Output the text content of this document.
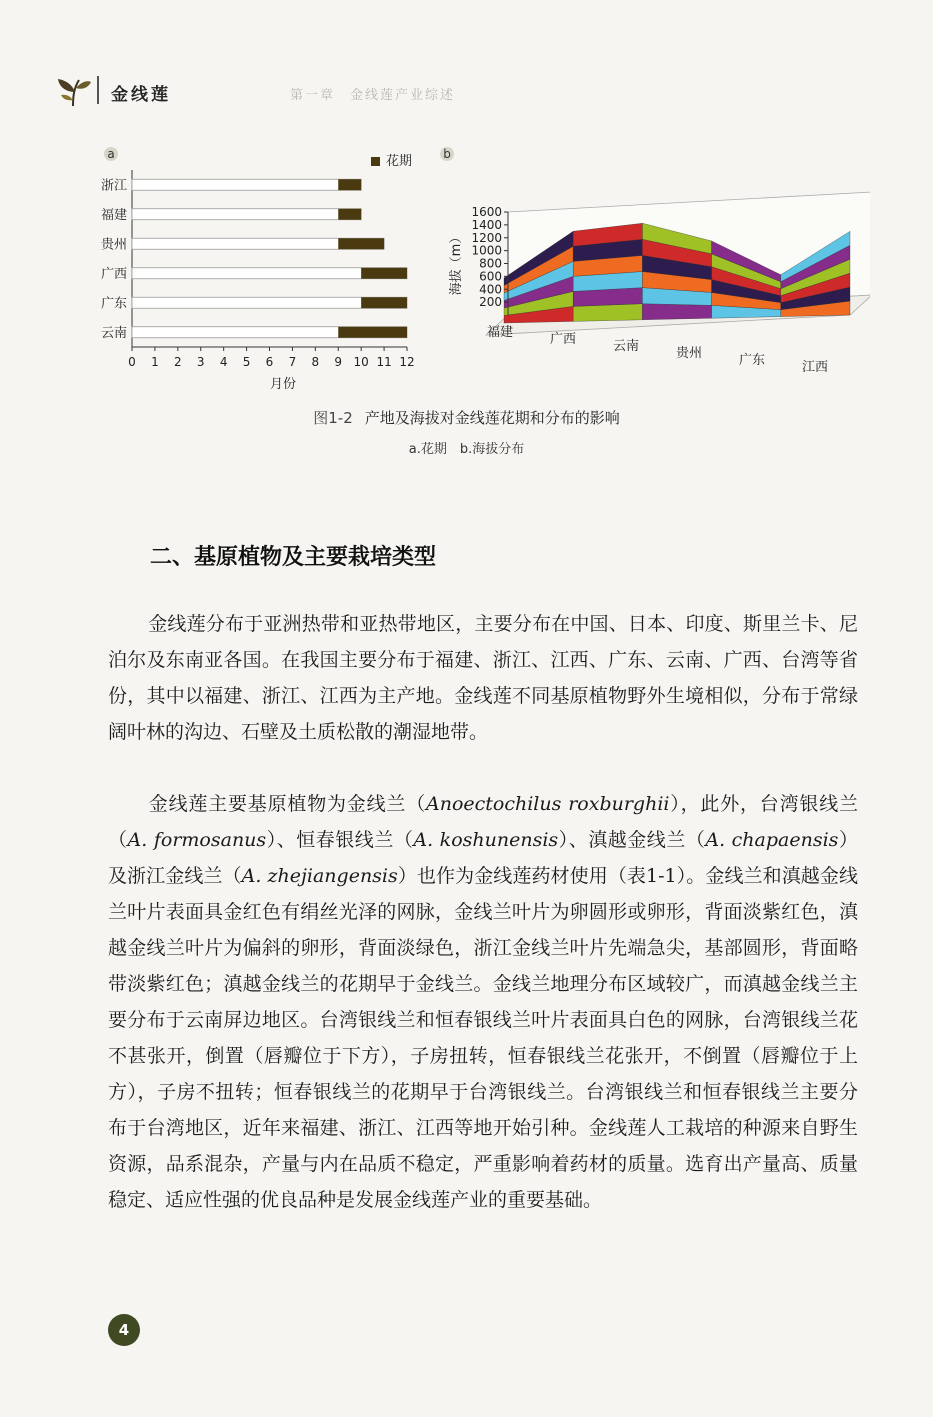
金线莲	第一章　金线莲产业综述
a	花期
浙江
福建
贵州
广西
广东
云南
0 1 2 3 4 5 6 7 8 9 10 11 12
月份
b
200
400
600
800
1000
1200
1400
1600
海拔（m）
福建	广西	云南	贵州	广东	江西
图1-2 产地及海拔对金线莲花期和分布的影响
a.花期　b.海拔分布
二、基原植物及主要栽培类型

金线莲分布于亚洲热带和亚热带地区，主要分布在中国、日本、印度、斯里兰卡、尼泊尔及东南亚各国。在我国主要分布于福建、浙江、江西、广东、云南、广西、台湾等省份，其中以福建、浙江、江西为主产地。金线莲不同基原植物野外生境相似，分布于常绿阔叶林的沟边、石壁及土质松散的潮湿地带。

金线莲主要基原植物为金线兰（Anoectochilus roxburghii），此外，台湾银线兰（A. formosanus）、恒春银线兰（A. koshunensis）、滇越金线兰（A. chapaensis）及浙江金线兰（A. zhejiangensis）也作为金线莲药材使用（表1-1）。金线兰和滇越金线兰叶片表面具金红色有绢丝光泽的网脉，金线兰叶片为卵圆形或卵形，背面淡紫红色，滇越金线兰叶片为偏斜的卵形，背面淡绿色，浙江金线兰叶片先端急尖，基部圆形，背面略带淡紫红色；滇越金线兰的花期早于金线兰。金线兰地理分布区域较广，而滇越金线兰主要分布于云南屏边地区。台湾银线兰和恒春银线兰叶片表面具白色的网脉，台湾银线兰花不甚张开，倒置（唇瓣位于下方），子房扭转，恒春银线兰花张开，不倒置（唇瓣位于上方），子房不扭转；恒春银线兰的花期早于台湾银线兰。台湾银线兰和恒春银线兰主要分布于台湾地区，近年来福建、浙江、江西等地开始引种。金线莲人工栽培的种源来自野生资源，品系混杂，产量与内在品质不稳定，严重影响着药材的质量。选育出产量高、质量稳定、适应性强的优良品种是发展金线莲产业的重要基础。

4
